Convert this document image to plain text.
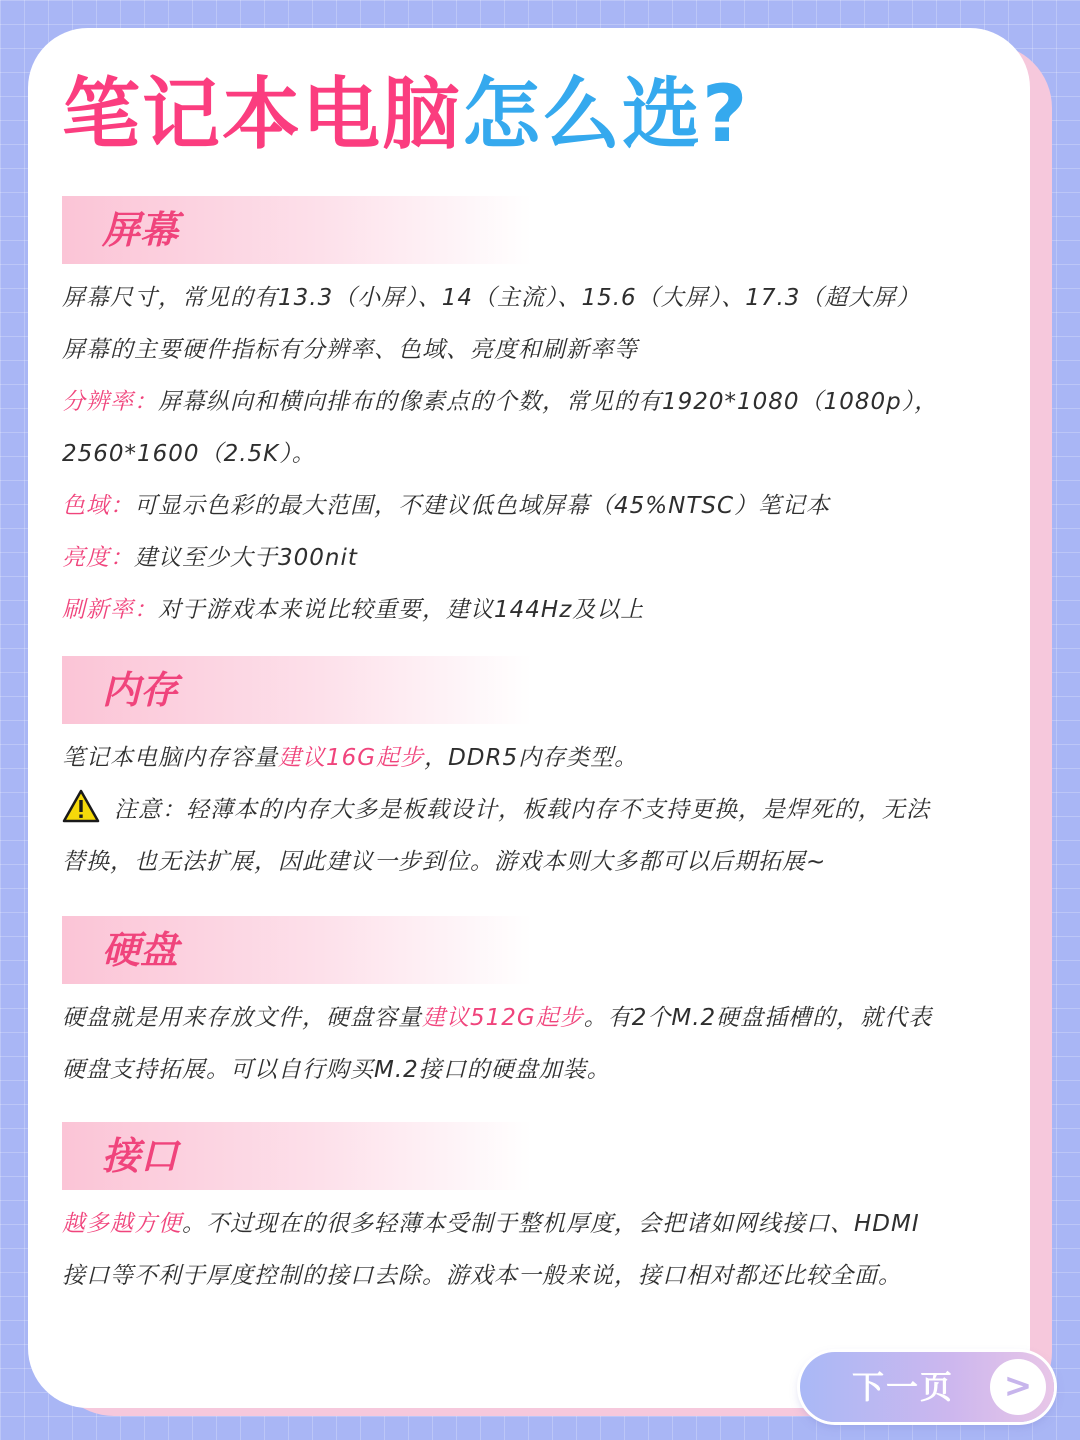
笔记本电脑怎么选?
屏幕

屏幕尺寸，常见的有13.3（小屏）、14（主流）、15.6（大屏）、17.3（超大屏）

屏幕的主要硬件指标有分辨率、色域、亮度和刷新率等

分辨率：屏幕纵向和横向排布的像素点的个数，常见的有1920*1080（1080p），

2560*1600（2.5K）。

色域：可显示色彩的最大范围，不建议低色域屏幕（45%NTSC）笔记本

亮度：建议至少大于300nit

刷新率：对于游戏本来说比较重要，建议144Hz及以上

内存

笔记本电脑内存容量建议16G起步，DDR5内存类型。

注意：轻薄本的内存大多是板载设计，板载内存不支持更换，是焊死的，无法

替换，也无法扩展，因此建议一步到位。游戏本则大多都可以后期拓展~

硬盘

硬盘就是用来存放文件，硬盘容量建议512G起步。有2个M.2硬盘插槽的，就代表

硬盘支持拓展。可以自行购买M.2接口的硬盘加装。

接口

越多越方便。不过现在的很多轻薄本受制于整机厚度，会把诸如网线接口、HDMI

接口等不利于厚度控制的接口去除。游戏本一般来说，接口相对都还比较全面。

下一页	>
